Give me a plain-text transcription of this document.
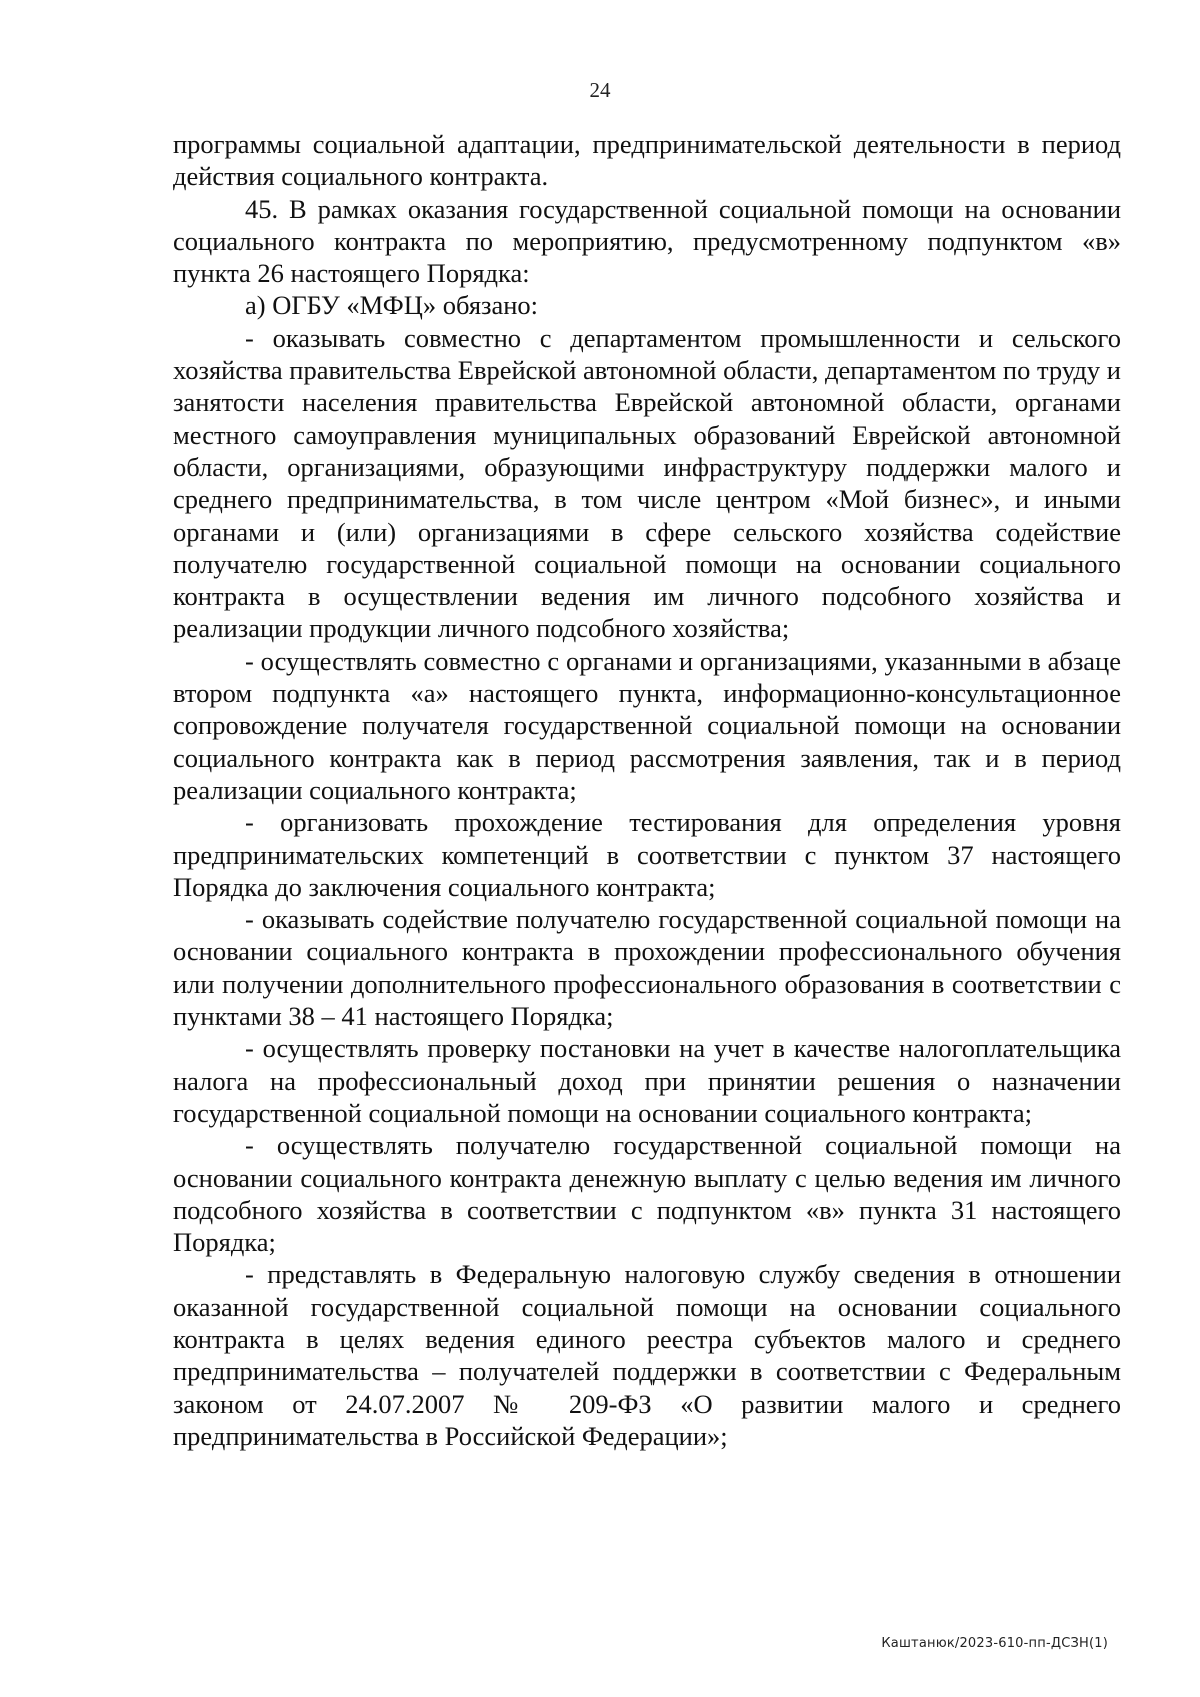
24

программы социальной адаптации, предпринимательской деятельности в период действия социального контракта.

45. В рамках оказания государственной социальной помощи на основании социального контракта по мероприятию, предусмотренному подпунктом «в» пункта 26 настоящего Порядка:

а) ОГБУ «МФЦ» обязано:

- оказывать совместно с департаментом промышленности и сельского хозяйства правительства Еврейской автономной области, департаментом по труду и занятости населения правительства Еврейской автономной области, органами местного самоуправления муниципальных образований Еврейской автономной области, организациями, образующими инфраструктуру поддержки малого и среднего предпринимательства, в том числе центром «Мой бизнес», и иными органами и (или) организациями в сфере сельского хозяйства содействие получателю государственной социальной помощи на основании социального контракта в осуществлении ведения им личного подсобного хозяйства и реализации продукции личного подсобного хозяйства;

- осуществлять совместно с органами и организациями, указанными в абзаце втором подпункта «а» настоящего пункта, информационно-консультационное сопровождение получателя государственной социальной помощи на основании социального контракта как в период рассмотрения заявления, так и в период реализации социального контракта;

- организовать прохождение тестирования для определения уровня предпринимательских компетенций в соответствии с пунктом 37 настоящего Порядка до заключения социального контракта;

- оказывать содействие получателю государственной социальной помощи на основании социального контракта в прохождении профессионального обучения или получении дополнительного профессионального образования в соответствии с пунктами 38 – 41 настоящего Порядка;

- осуществлять проверку постановки на учет в качестве налогоплательщика налога на профессиональный доход при принятии решения о назначении государственной социальной помощи на основании социального контракта;

- осуществлять получателю государственной социальной помощи на основании социального контракта денежную выплату с целью ведения им личного подсобного хозяйства в соответствии с подпунктом «в» пункта 31 настоящего Порядка;

- представлять в Федеральную налоговую службу сведения в отношении оказанной государственной социальной помощи на основании социального контракта в целях ведения единого реестра субъектов малого и среднего предпринимательства – получателей поддержки в соответствии с Федеральным законом от 24.07.2007 № 209-ФЗ «О развитии малого и среднего предпринимательства в Российской Федерации»;

Каштанюк/2023-610-пп-ДСЗН(1)
